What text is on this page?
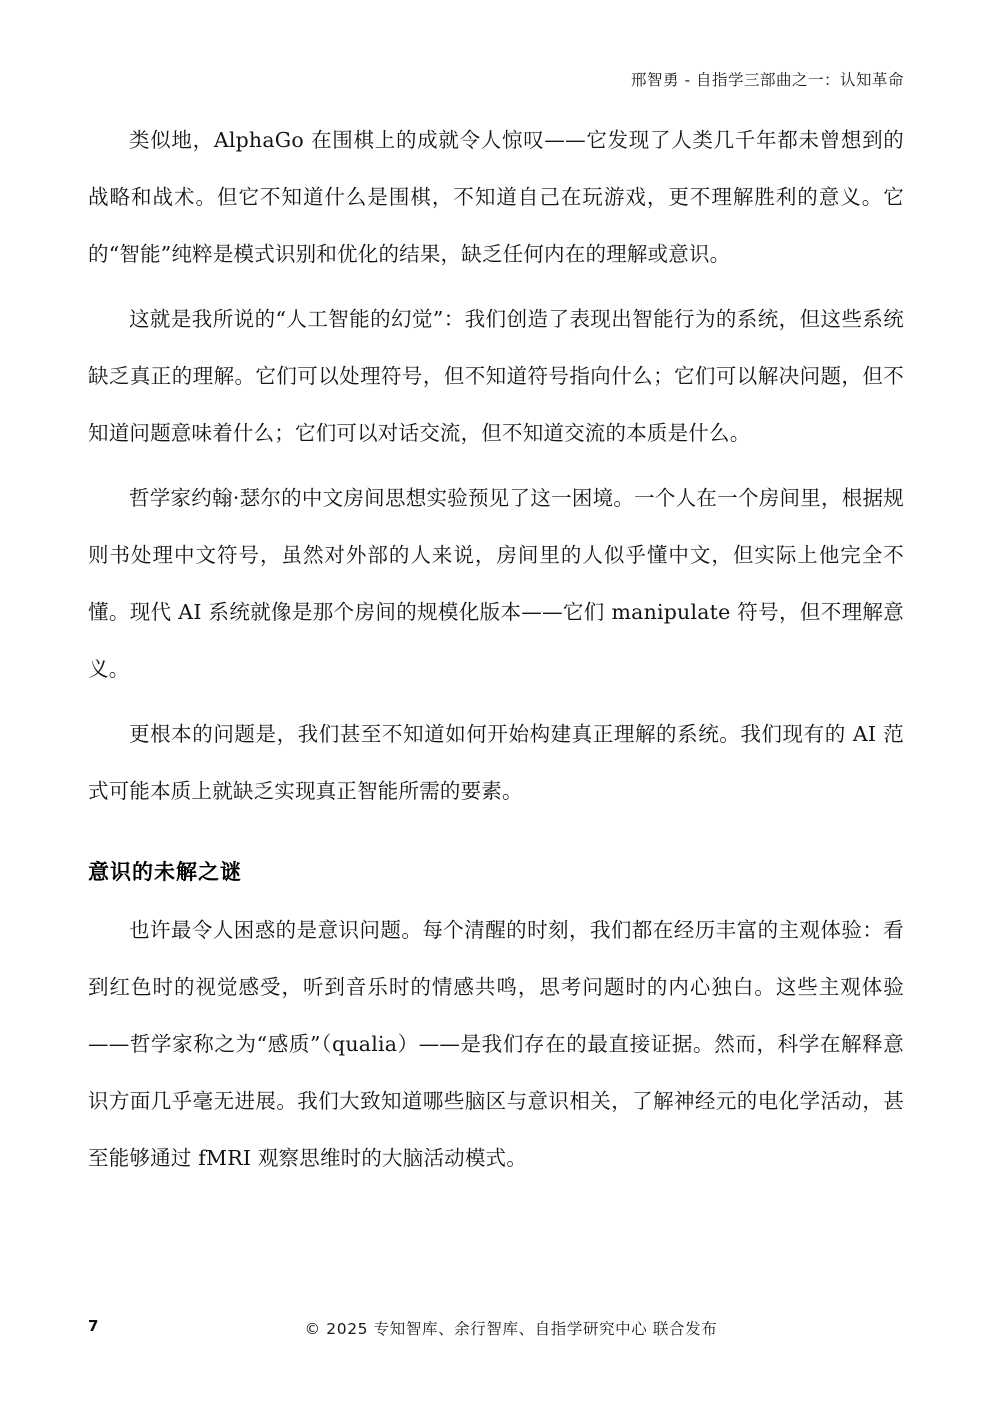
邢智勇 - 自指学三部曲之一：认知革命

类似地，AlphaGo 在围棋上的成就令人惊叹——它发现了人类几千年都未曾想到的战略和战术。但它不知道什么是围棋，不知道自己在玩游戏，更不理解胜利的意义。它的“智能”纯粹是模式识别和优化的结果，缺乏任何内在的理解或意识。

这就是我所说的“人工智能的幻觉”：我们创造了表现出智能行为的系统，但这些系统缺乏真正的理解。它们可以处理符号，但不知道符号指向什么；它们可以解决问题，但不知道问题意味着什么；它们可以对话交流，但不知道交流的本质是什么。

哲学家约翰·瑟尔的中文房间思想实验预见了这一困境。一个人在一个房间里，根据规则书处理中文符号，虽然对外部的人来说，房间里的人似乎懂中文，但实际上他完全不懂。现代 AI 系统就像是那个房间的规模化版本——它们 manipulate 符号，但不理解意义。

更根本的问题是，我们甚至不知道如何开始构建真正理解的系统。我们现有的 AI 范式可能本质上就缺乏实现真正智能所需的要素。

意识的未解之谜

也许最令人困惑的是意识问题。每个清醒的时刻，我们都在经历丰富的主观体验：看到红色时的视觉感受，听到音乐时的情感共鸣，思考问题时的内心独白。这些主观体验——哲学家称之为“感质”（qualia）——是我们存在的最直接证据。然而，科学在解释意识方面几乎毫无进展。我们大致知道哪些脑区与意识相关，了解神经元的电化学活动，甚至能够通过 fMRI 观察思维时的大脑活动模式。

7	© 2025 专知智库、余行智库、自指学研究中心 联合发布
